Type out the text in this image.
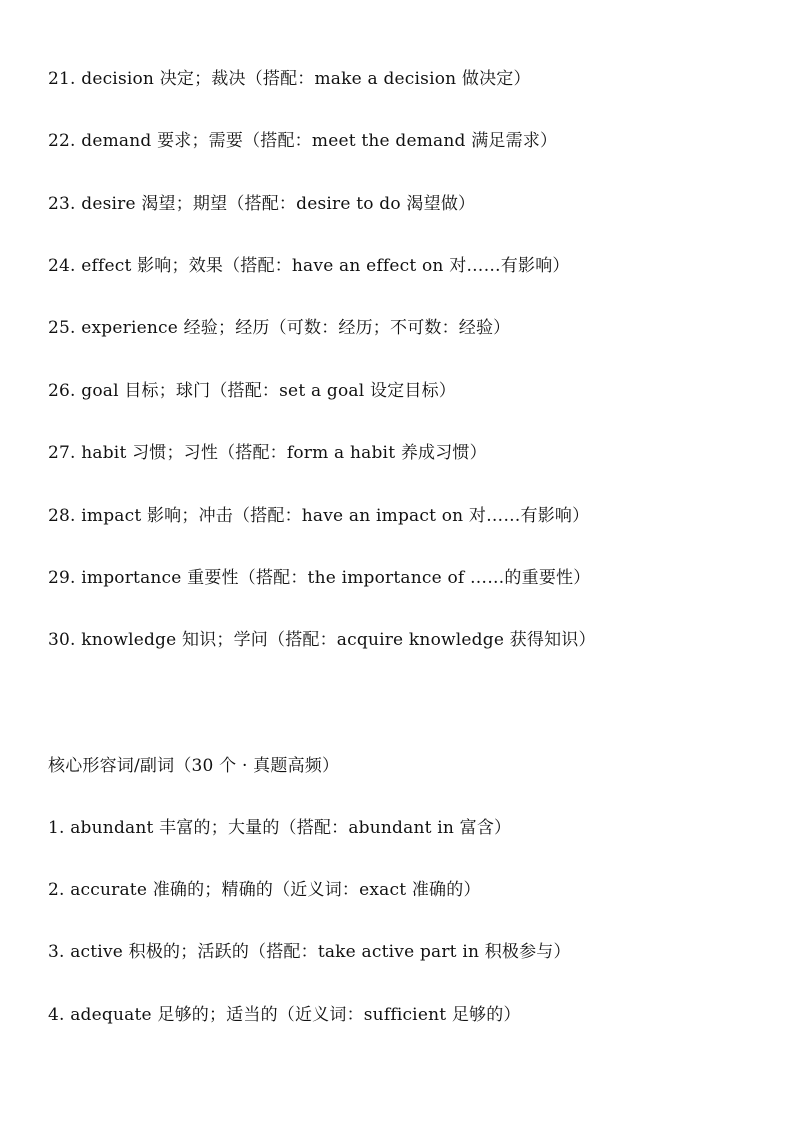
21. decision 决定；裁决（搭配：make a decision 做决定）
22. demand 要求；需要（搭配：meet the demand 满足需求）
23. desire 渴望；期望（搭配：desire to do 渴望做）
24. effect 影响；效果（搭配：have an effect on 对……有影响）
25. experience 经验；经历（可数：经历；不可数：经验）
26. goal 目标；球门（搭配：set a goal 设定目标）
27. habit 习惯；习性（搭配：form a habit 养成习惯）
28. impact 影响；冲击（搭配：have an impact on 对……有影响）
29. importance 重要性（搭配：the importance of ……的重要性）
30. knowledge 知识；学问（搭配：acquire knowledge 获得知识）
核心形容词/副词（30 个 · 真题高频）
1. abundant 丰富的；大量的（搭配：abundant in 富含）
2. accurate 准确的；精确的（近义词：exact 准确的）
3. active 积极的；活跃的（搭配：take active part in 积极参与）
4. adequate 足够的；适当的（近义词：sufficient 足够的）
